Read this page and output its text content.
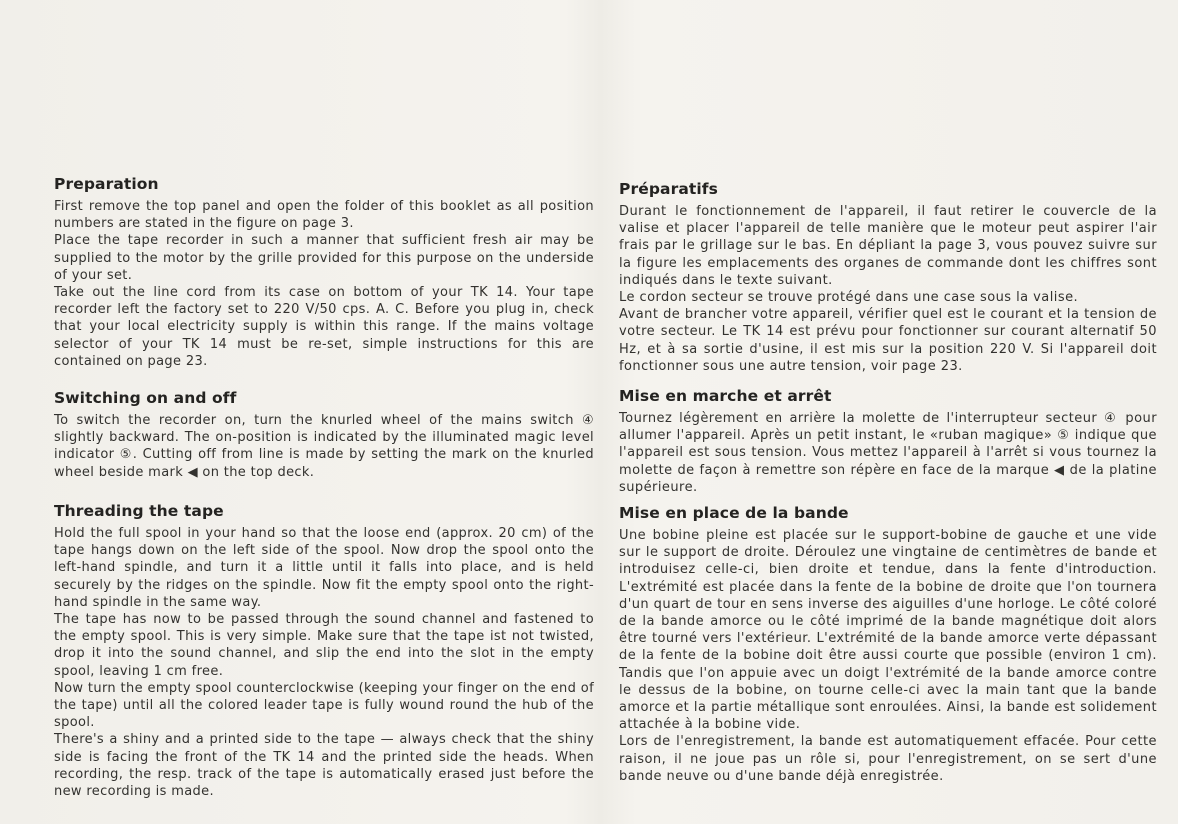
Preparation

First remove the top panel and open the folder of this booklet as all position numbers are stated in the figure on page 3.

Place the tape recorder in such a manner that sufficient fresh air may be supplied to the motor by the grille provided for this purpose on the underside of your set.

Take out the line cord from its case on bottom of your TK 14. Your tape recorder left the factory set to 220 V/50 cps. A. C. Before you plug in, check that your local electricity supply is within this range. If the mains voltage selector of your TK 14 must be re-set, simple instructions for this are contained on page 23.

Switching on and off

To switch the recorder on, turn the knurled wheel of the mains switch ④ slightly backward. The on-position is indicated by the illuminated magic level indicator ⑤. Cutting off from line is made by setting the mark on the knurled wheel beside mark ◀ on the top deck.

Threading the tape

Hold the full spool in your hand so that the loose end (approx. 20 cm) of the tape hangs down on the left side of the spool. Now drop the spool onto the left-hand spindle, and turn it a little until it falls into place, and is held securely by the ridges on the spindle. Now fit the empty spool onto the right-hand spindle in the same way.

The tape has now to be passed through the sound channel and fastened to the empty spool. This is very simple. Make sure that the tape ist not twisted, drop it into the sound channel, and slip the end into the slot in the empty spool, leaving 1 cm free.

Now turn the empty spool counterclockwise (keeping your finger on the end of the tape) until all the colored leader tape is fully wound round the hub of the spool.

There's a shiny and a printed side to the tape — always check that the shiny side is facing the front of the TK 14 and the printed side the heads. When recording, the resp. track of the tape is automatically erased just before the new recording is made.

Préparatifs

Durant le fonctionnement de l'appareil, il faut retirer le couvercle de la valise et placer l'appareil de telle manière que le moteur peut aspirer l'air frais par le grillage sur le bas. En dépliant la page 3, vous pouvez suivre sur la figure les emplacements des organes de commande dont les chiffres sont indiqués dans le texte suivant.

Le cordon secteur se trouve protégé dans une case sous la valise.

Avant de brancher votre appareil, vérifier quel est le courant et la tension de votre secteur. Le TK 14 est prévu pour fonctionner sur courant alternatif 50 Hz, et à sa sortie d'usine, il est mis sur la position 220 V. Si l'appareil doit fonctionner sous une autre tension, voir page 23.

Mise en marche et arrêt

Tournez légèrement en arrière la molette de l'interrupteur secteur ④ pour allumer l'appareil. Après un petit instant, le «ruban magique» ⑤ indique que l'appareil est sous tension. Vous mettez l'appareil à l'arrêt si vous tournez la molette de façon à remettre son répère en face de la marque ◀ de la platine supérieure.

Mise en place de la bande

Une bobine pleine est placée sur le support-bobine de gauche et une vide sur le support de droite. Déroulez une vingtaine de centimètres de bande et introduisez celle-ci, bien droite et tendue, dans la fente d'introduction. L'extrémité est placée dans la fente de la bobine de droite que l'on tournera d'un quart de tour en sens inverse des aiguilles d'une horloge. Le côté coloré de la bande amorce ou le côté imprimé de la bande magnétique doit alors être tourné vers l'extérieur. L'extrémité de la bande amorce verte dépassant de la fente de la bobine doit être aussi courte que possible (environ 1 cm). Tandis que l'on appuie avec un doigt l'extrémité de la bande amorce contre le dessus de la bobine, on tourne celle-ci avec la main tant que la bande amorce et la partie métallique sont enroulées. Ainsi, la bande est solidement attachée à la bobine vide.

Lors de l'enregistrement, la bande est automatiquement effacée. Pour cette raison, il ne joue pas un rôle si, pour l'enregistrement, on se sert d'une bande neuve ou d'une bande déjà enregistrée.
